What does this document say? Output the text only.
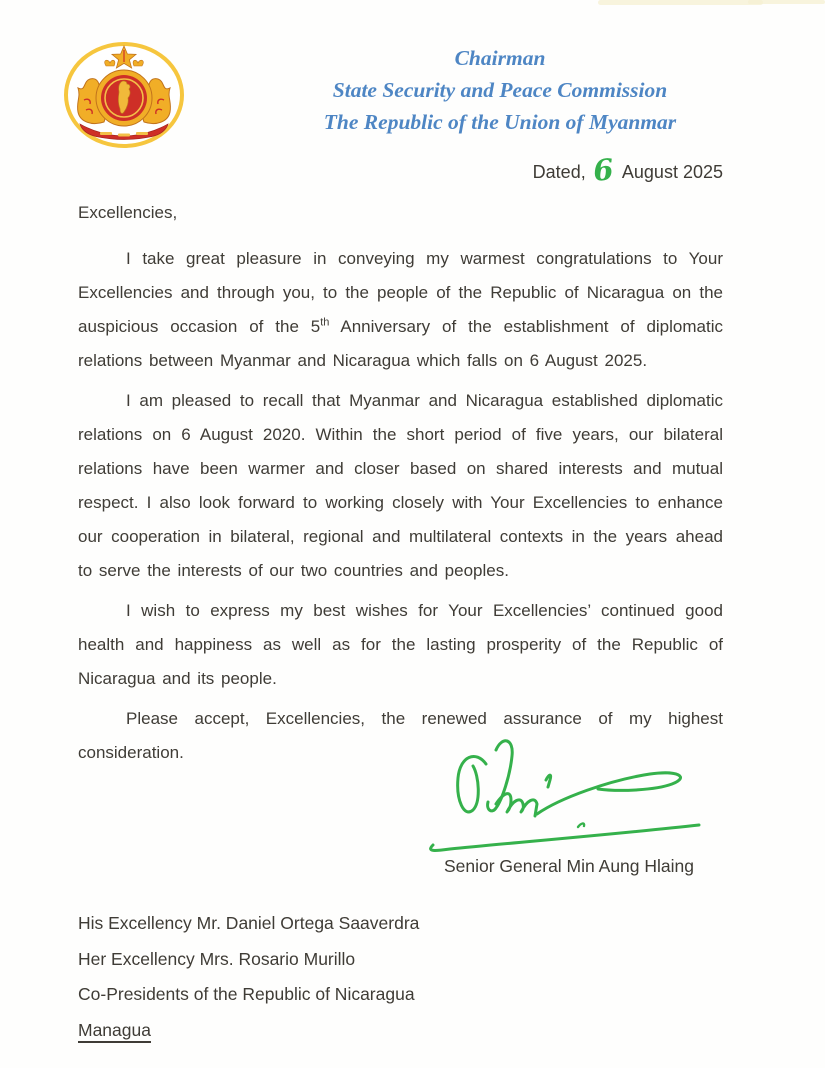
Chairman
State Security and Peace Commission
The Republic of the Union of Myanmar
Dated, 6 August 2025
Excellencies,

I take great pleasure in conveying my warmest congratulations to Your Excellencies and through you, to the people of the Republic of Nicaragua on the auspicious occasion of the 5th Anniversary of the establishment of diplomatic relations between Myanmar and Nicaragua which falls on 6 August 2025.

I am pleased to recall that Myanmar and Nicaragua established diplomatic relations on 6 August 2020. Within the short period of five years, our bilateral relations have been warmer and closer based on shared interests and mutual respect. I also look forward to working closely with Your Excellencies to enhance our cooperation in bilateral, regional and multilateral contexts in the years ahead to serve the interests of our two countries and peoples.

I wish to express my best wishes for Your Excellencies’ continued good health and happiness as well as for the lasting prosperity of the Republic of Nicaragua and its people.

Please accept, Excellencies, the renewed assurance of my highest consideration.

Senior General Min Aung Hlaing
His Excellency Mr. Daniel Ortega Saaverdra
Her Excellency Mrs. Rosario Murillo
Co-Presidents of the Republic of Nicaragua
Managua
